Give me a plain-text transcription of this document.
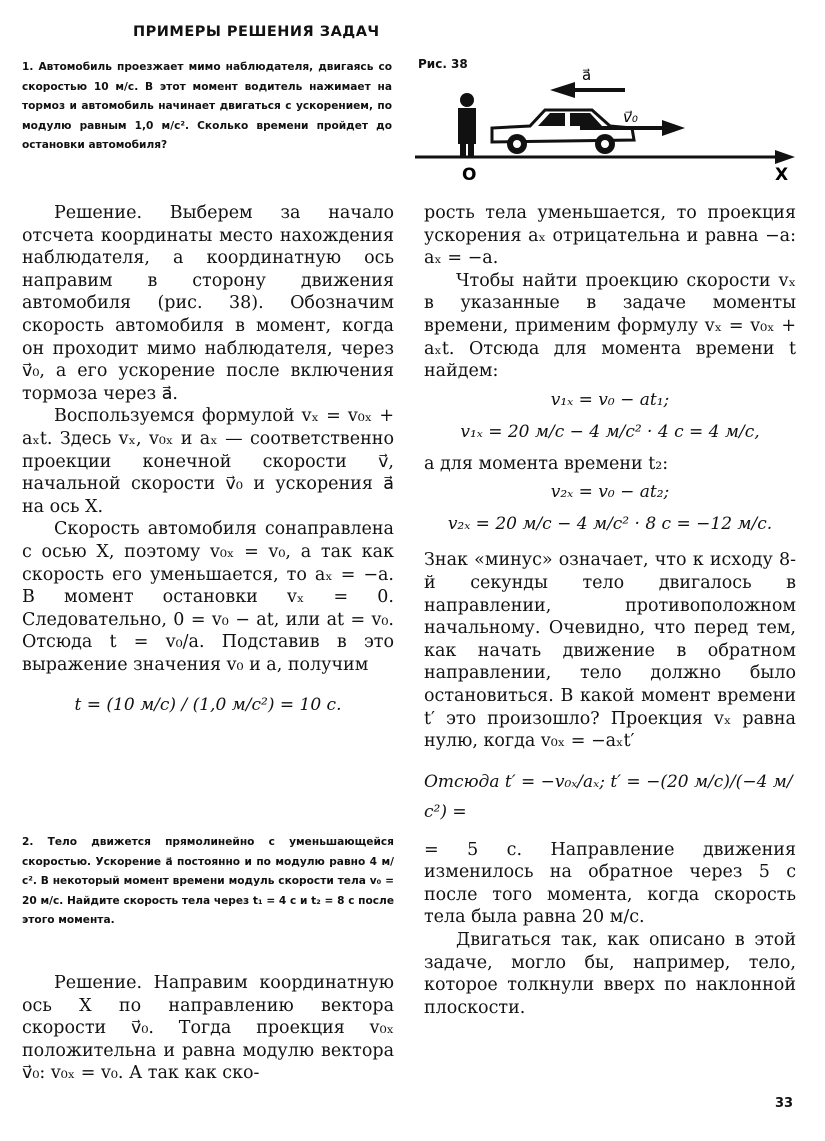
ПРИМЕРЫ РЕШЕНИЯ ЗАДАЧ
1. Автомобиль проезжает мимо наблюдателя, двигаясь со скоростью 10 м/с. В этот момент водитель нажимает на тормоз и автомобиль начинает двигаться с ускорением, по модулю равным 1,0 м/с². Сколько времени пройдет до остановки автомобиля?
Рис. 38
a⃗
v⃗₀
O	X

Решение. Выберем за начало отсчета координаты место нахождения наблюдателя, а координатную ось направим в сторону движения автомобиля (рис. 38). Обозначим скорость автомобиля в момент, когда он проходит мимо наблюдателя, через v⃗₀, а его ускорение после включения тормоза через a⃗.

Воспользуемся формулой vₓ = v₀ₓ + aₓt. Здесь vₓ, v₀ₓ и aₓ — соответственно проекции конечной скорости v⃗, начальной скорости v⃗₀ и ускорения a⃗ на ось X.

Скорость автомобиля сонаправлена с осью X, поэтому v₀ₓ = v₀, а так как скорость его уменьшается, то aₓ = −a. В момент остановки vₓ = 0. Следовательно, 0 = v₀ − at, или at = v₀. Отсюда t = v₀/a. Подставив в это выражение значения v₀ и a, получим

t = (10 м/с) / (1,0 м/с²) = 10 с.
2. Тело движется прямолинейно с уменьшающейся скоростью. Ускорение a⃗ постоянно и по модулю равно 4 м/с². В некоторый момент времени модуль скорости тела v₀ = 20 м/с. Найдите скорость тела через t₁ = 4 с и t₂ = 8 с после этого момента.

Решение. Направим координатную ось X по направлению вектора скорости v⃗₀. Тогда проекция v₀ₓ положительна и равна модулю вектора v⃗₀: v₀ₓ = v₀. А так как ско-

рость тела уменьшается, то проекция ускорения aₓ отрицательна и равна −a: aₓ = −a.

Чтобы найти проекцию скорости vₓ в указанные в задаче моменты времени, применим формулу vₓ = v₀ₓ + aₓt. Отсюда для момента времени t найдем:

v₁ₓ = v₀ − at₁;
v₁ₓ = 20 м/с − 4 м/с² · 4 с = 4 м/с,

а для момента времени t₂:

v₂ₓ = v₀ − at₂;
v₂ₓ = 20 м/с − 4 м/с² · 8 с = −12 м/с.

Знак «минус» означает, что к исходу 8-й секунды тело двигалось в направлении, противоположном начальному. Очевидно, что перед тем, как начать движение в обратном направлении, тело должно было остановиться. В какой момент времени t′ это произошло? Проекция vₓ равна нулю, когда v₀ₓ = −aₓt′

Отсюда t′ = −v₀ₓ/aₓ; t′ = −(20 м/с)/(−4 м/с²) =

= 5 с. Направление движения изменилось на обратное через 5 с после того момента, когда скорость тела была равна 20 м/с.

Двигаться так, как описано в этой задаче, могло бы, например, тело, которое толкнули вверх по наклонной плоскости.

33
